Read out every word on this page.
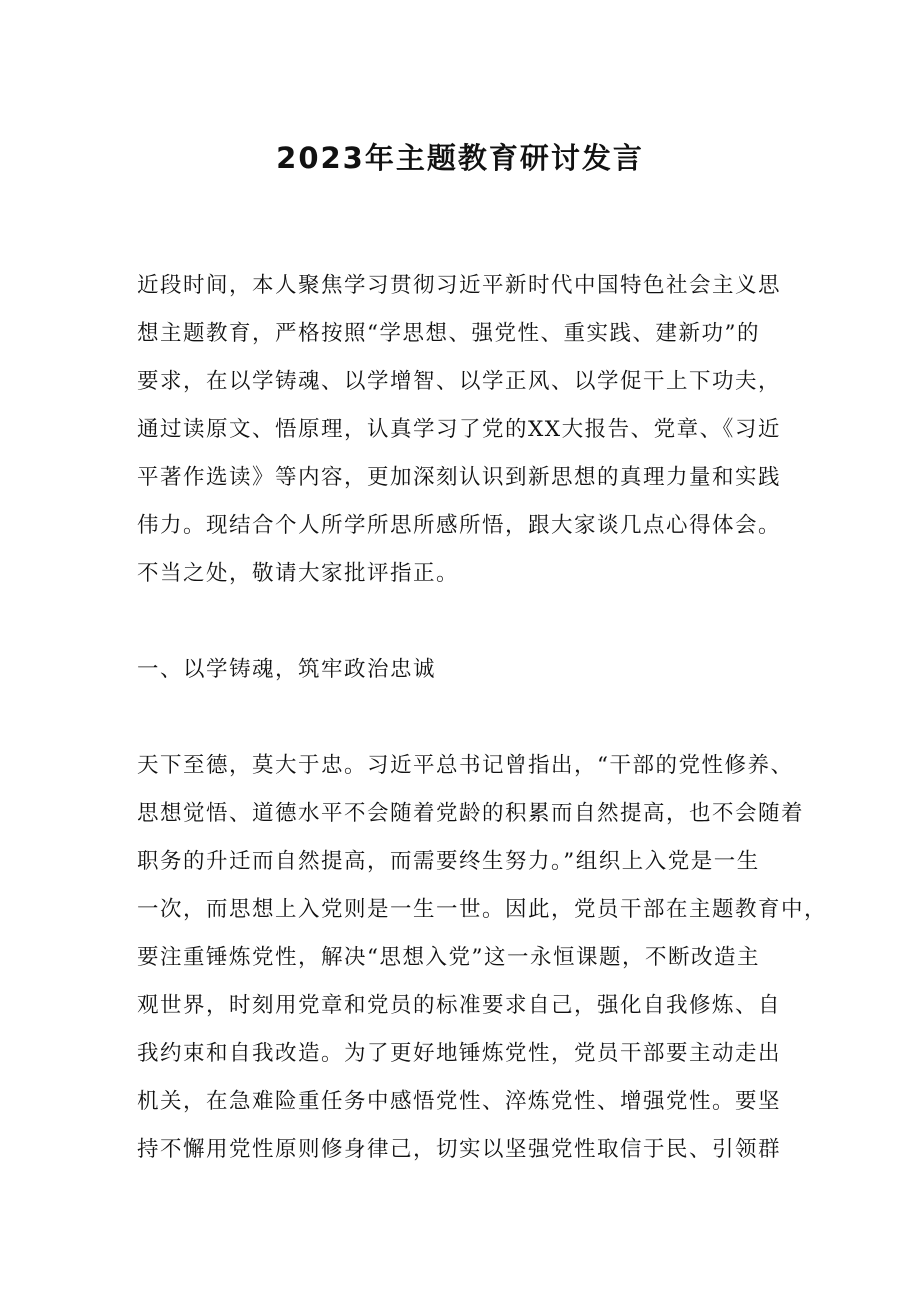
2023年主题教育研讨发言
近段时间，本人聚焦学习贯彻习近平新时代中国特色社会主义思
想主题教育，严格按照“学思想、强党性、重实践、建新功”的
要求，在以学铸魂、以学增智、以学正风、以学促干上下功夫，
通过读原文、悟原理，认真学习了党的XX大报告、党章、《习近
平著作选读》等内容，更加深刻认识到新思想的真理力量和实践
伟力。现结合个人所学所思所感所悟，跟大家谈几点心得体会。
不当之处，敬请大家批评指正。
一、以学铸魂，筑牢政治忠诚
天下至德，莫大于忠。习近平总书记曾指出，“干部的党性修养、
思想觉悟、道德水平不会随着党龄的积累而自然提高，也不会随着
职务的升迁而自然提高，而需要终生努力。”组织上入党是一生
一次，而思想上入党则是一生一世。因此，党员干部在主题教育中，
要注重锤炼党性，解决“思想入党”这一永恒课题，不断改造主
观世界，时刻用党章和党员的标准要求自己，强化自我修炼、自
我约束和自我改造。为了更好地锤炼党性，党员干部要主动走出
机关，在急难险重任务中感悟党性、淬炼党性、增强党性。要坚
持不懈用党性原则修身律己，切实以坚强党性取信于民、引领群
